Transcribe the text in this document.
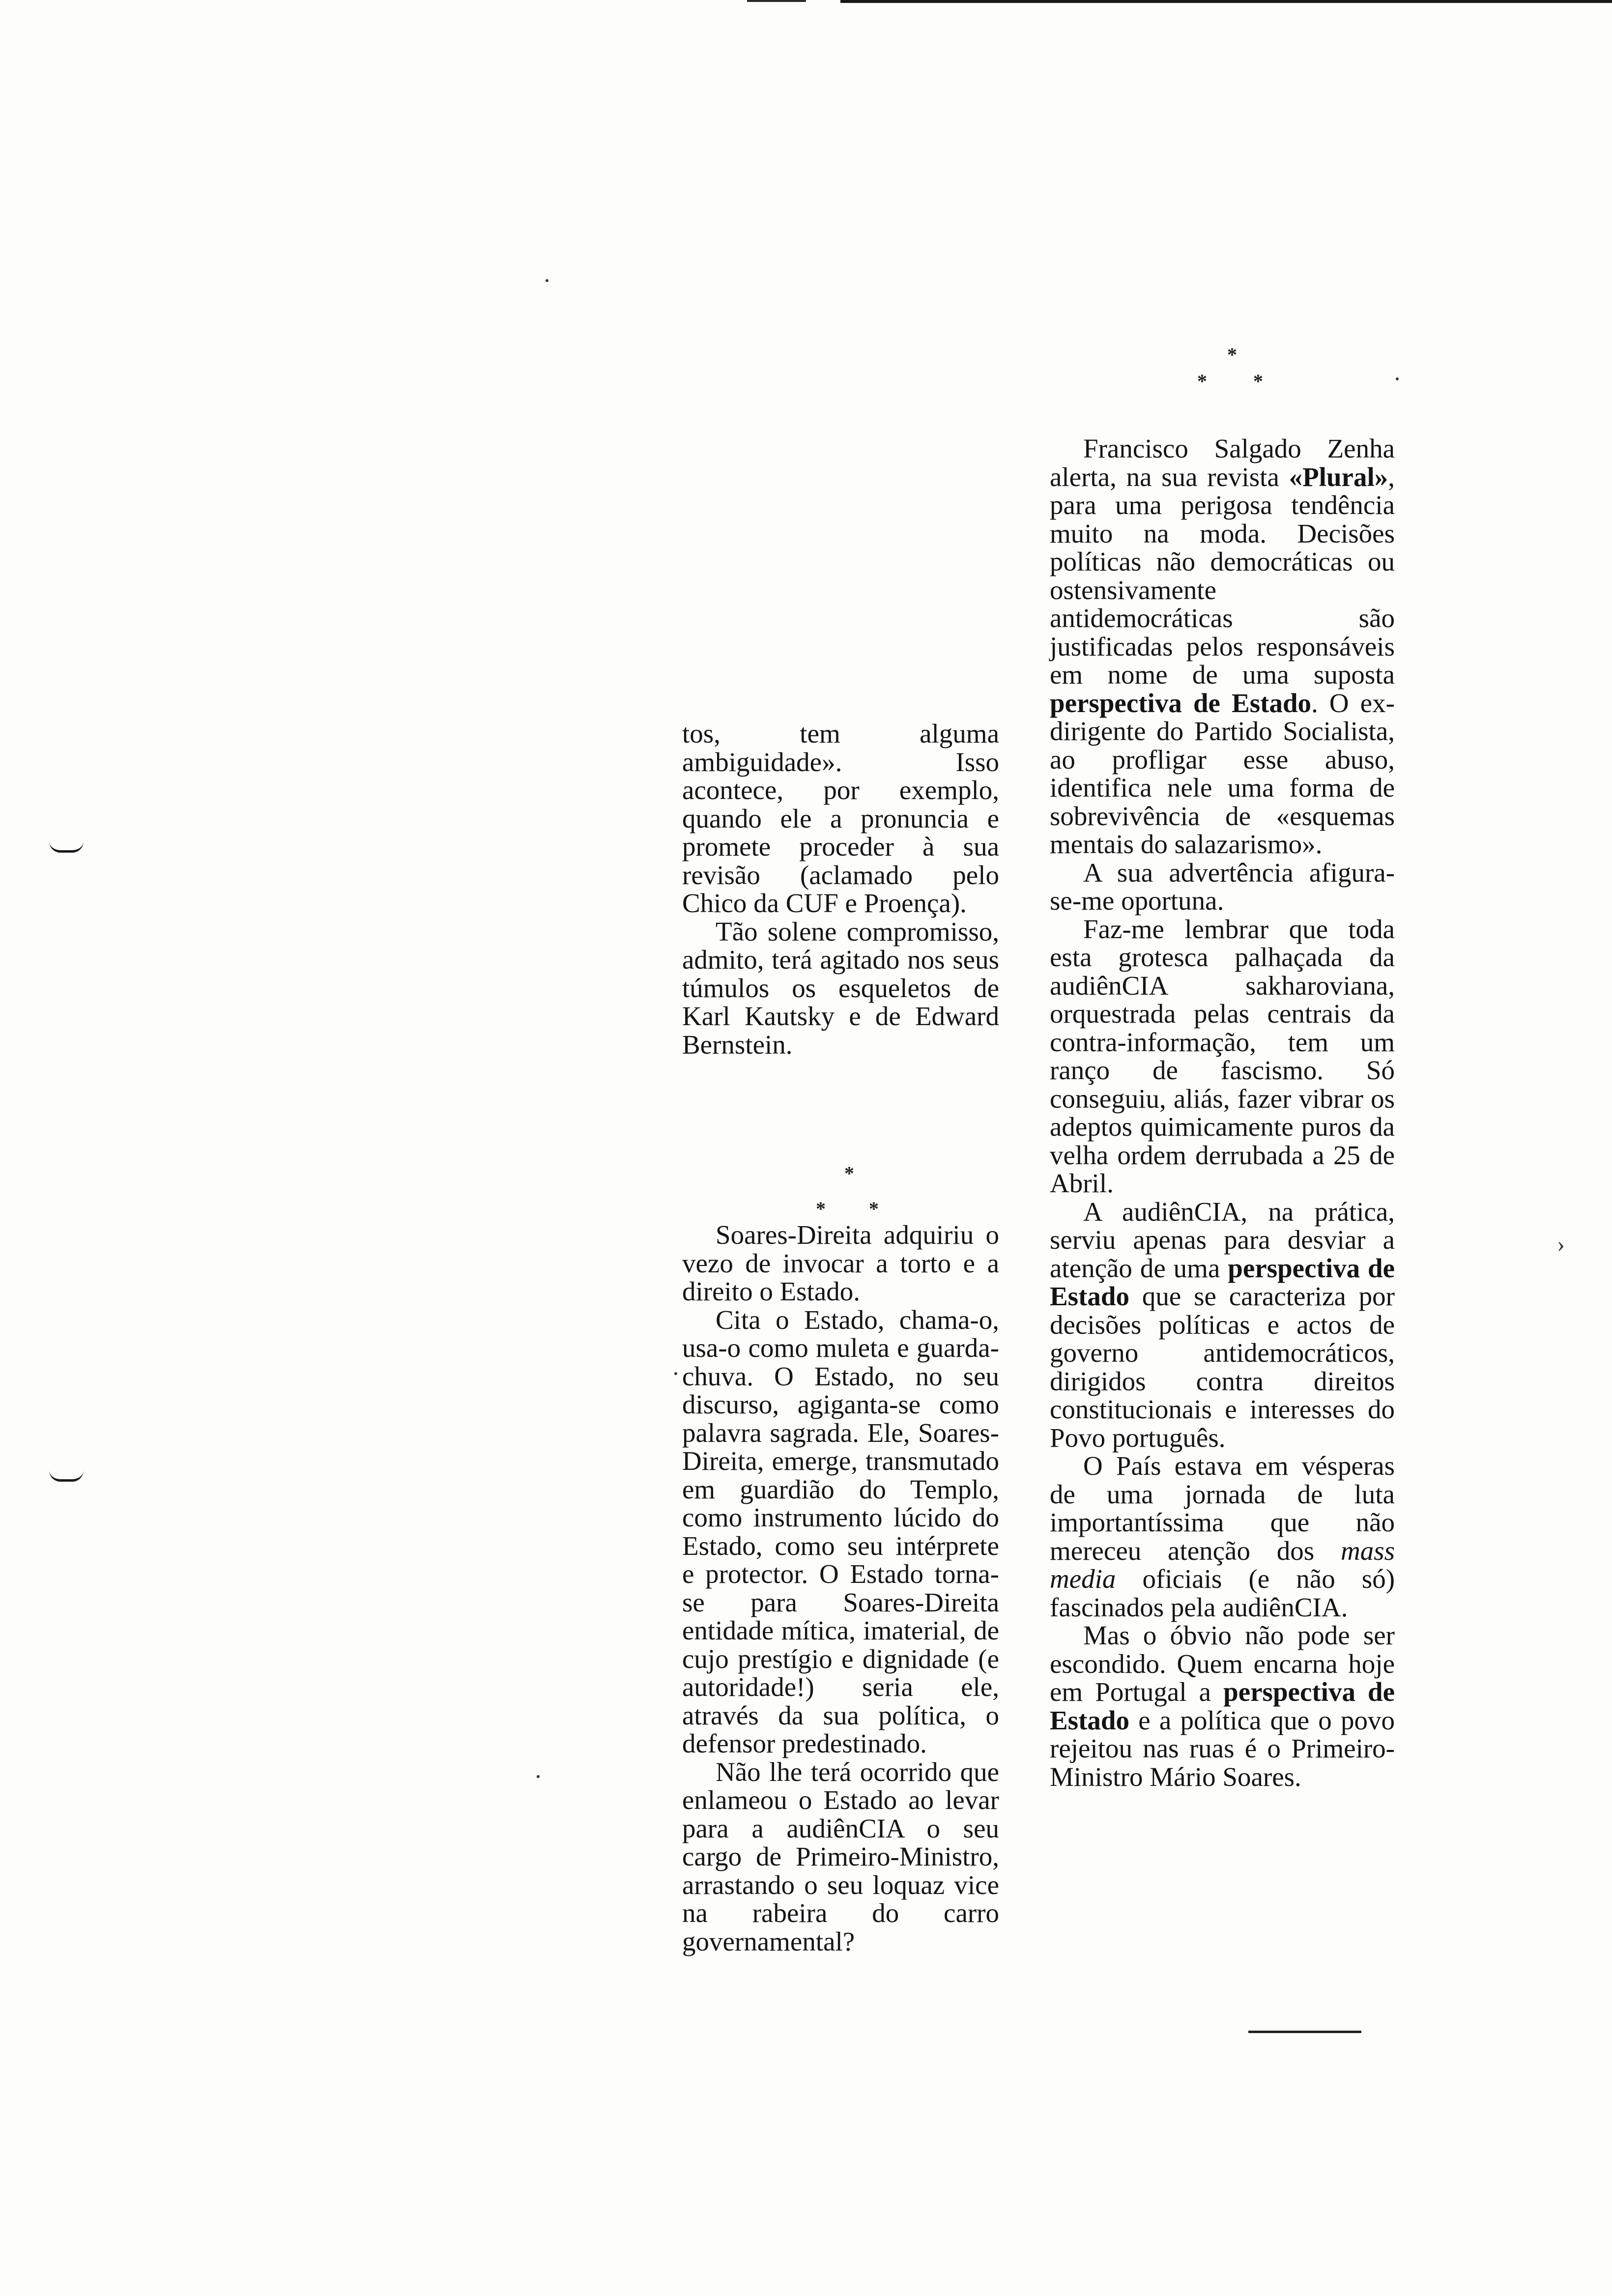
›
*
* *
*
* *

tos, tem alguma ambiguidade». Isso acontece, por exemplo, quando ele a pronuncia e promete proceder à sua revisão (aclamado pelo Chico da CUF e Proença).

Tão solene compromisso, admito, terá agitado nos seus túmulos os esqueletos de Karl Kautsky e de Edward Bernstein.

Soares-Direita adquiriu o vezo de invocar a torto e a direito o Estado.

Cita o Estado, chama-o, usa-o como muleta e guarda-chuva. O Estado, no seu discurso, agiganta-se como palavra sagrada. Ele, Soares-Direita, emerge, transmutado em guardião do Templo, como instrumento lúcido do Estado, como seu intérprete e protector. O Estado torna-se para Soares-Direita entidade mítica, imaterial, de cujo prestígio e dignidade (e autoridade!) seria ele, através da sua política, o defensor predestinado.

Não lhe terá ocorrido que enlameou o Estado ao levar para a audiênCIA o seu cargo de Primeiro-Ministro, arrastando o seu loquaz vice na rabeira do carro governamental?

Francisco Salgado Zenha alerta, na sua revista «Plural», para uma perigosa tendência muito na moda. Decisões políticas não democráticas ou ostensivamente antidemocráticas são justificadas pelos responsáveis em nome de uma suposta perspectiva de Estado. O ex-dirigente do Partido Socialista, ao profligar esse abuso, identifica nele uma forma de sobrevivência de «esquemas mentais do salazarismo».

A sua advertência afigura-se-me oportuna.

Faz-me lembrar que toda esta grotesca palhaçada da audiênCIA sakharoviana, orquestrada pelas centrais da contra-informação, tem um ranço de fascismo. Só conseguiu, aliás, fazer vibrar os adeptos quimicamente puros da velha ordem derrubada a 25 de Abril.

A audiênCIA, na prática, serviu apenas para desviar a atenção de uma perspectiva de Estado que se caracteriza por decisões políticas e actos de governo antidemocráticos, dirigidos contra direitos constitucionais e interesses do Povo português.

O País estava em vésperas de uma jornada de luta importantíssima que não mereceu atenção dos mass media oficiais (e não só) fascinados pela audiênCIA.

Mas o óbvio não pode ser escondido. Quem encarna hoje em Portugal a perspectiva de Estado e a política que o povo rejeitou nas ruas é o Primeiro-Ministro Mário Soares.
